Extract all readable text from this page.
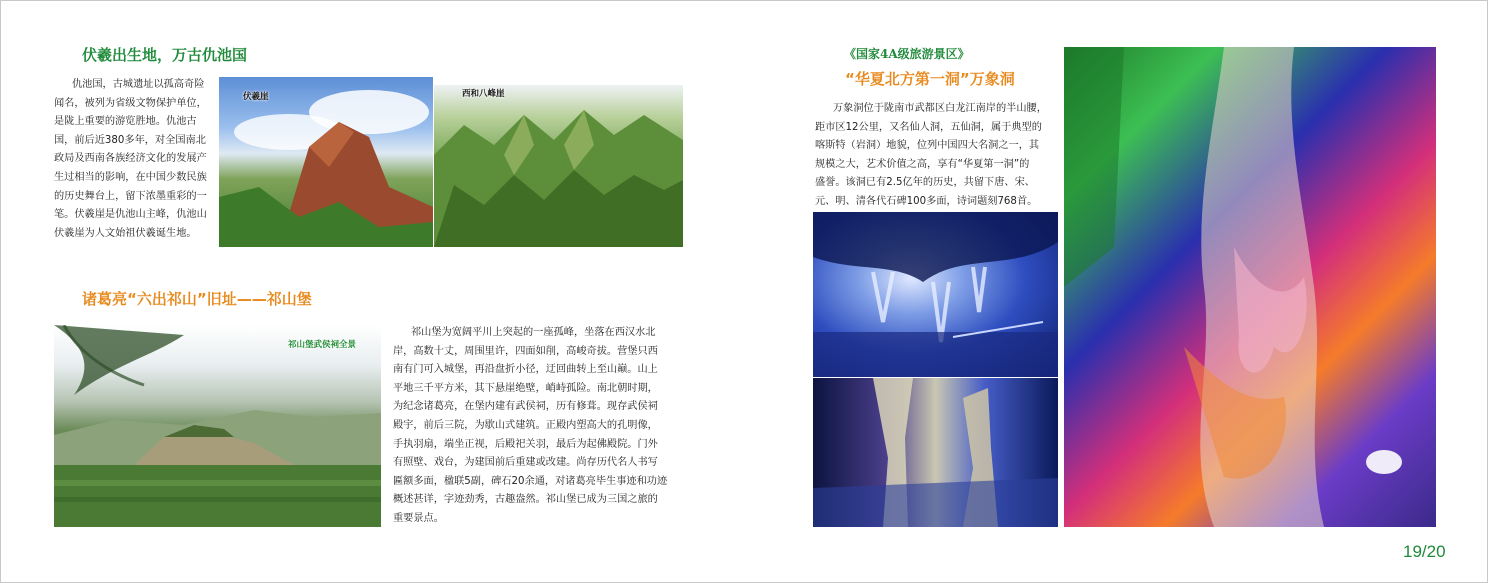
伏羲出生地，万古仇池国
仇池国，古城遗址以孤高奇险
闻名，被列为省级文物保护单位，
是陇上重要的游览胜地。仇池古
国，前后近380多年，对全国南北
政局及西南各族经济文化的发展产
生过相当的影响，在中国少数民族
的历史舞台上，留下浓墨重彩的一
笔。伏羲崖是仇池山主峰，仇池山
伏羲崖为人文始祖伏羲诞生地。
伏羲崖	西和八峰崖
诸葛亮“六出祁山”旧址——祁山堡
祁山堡武侯祠全景
祁山堡为宽阔平川上突起的一座孤峰，坐落在西汉水北
岸，高数十丈，周围里许，四面如削，高峻奇拔。营堡只西
南有门可入城堡，再沿盘折小径，迂回曲转上至山巅。山上
平地三千平方米，其下悬崖绝壁，峭峙孤险。南北朝时期，
为纪念诸葛亮，在堡内建有武侯祠，历有修葺。现存武侯祠
殿宇，前后三院，为歇山式建筑。正殿内塑高大的孔明像，
手执羽扇，端坐正视，后殿祀关羽，最后为起佛殿院。门外
有照壁、戏台，为建国前后重建或改建。尚存历代名人书写
匾额多面，楹联5副，碑石20余通，对诸葛亮毕生事迹和功迹
概述甚详，字迹劲秀，古趣盎然。祁山堡已成为三国之旅的
重要景点。
《国家4A级旅游景区》
“华夏北方第一洞”万象洞
万象洞位于陇南市武都区白龙江南岸的半山腰，
距市区12公里，又名仙人洞，五仙洞，属于典型的
喀斯特（岩洞）地貌，位列中国四大名洞之一，其
规模之大，艺术价值之高，享有“华夏第一洞”的
盛誉。该洞已有2.5亿年的历史，共留下唐、宋、
元、明、清各代石碑100多面，诗词题刻768首。
19/20
